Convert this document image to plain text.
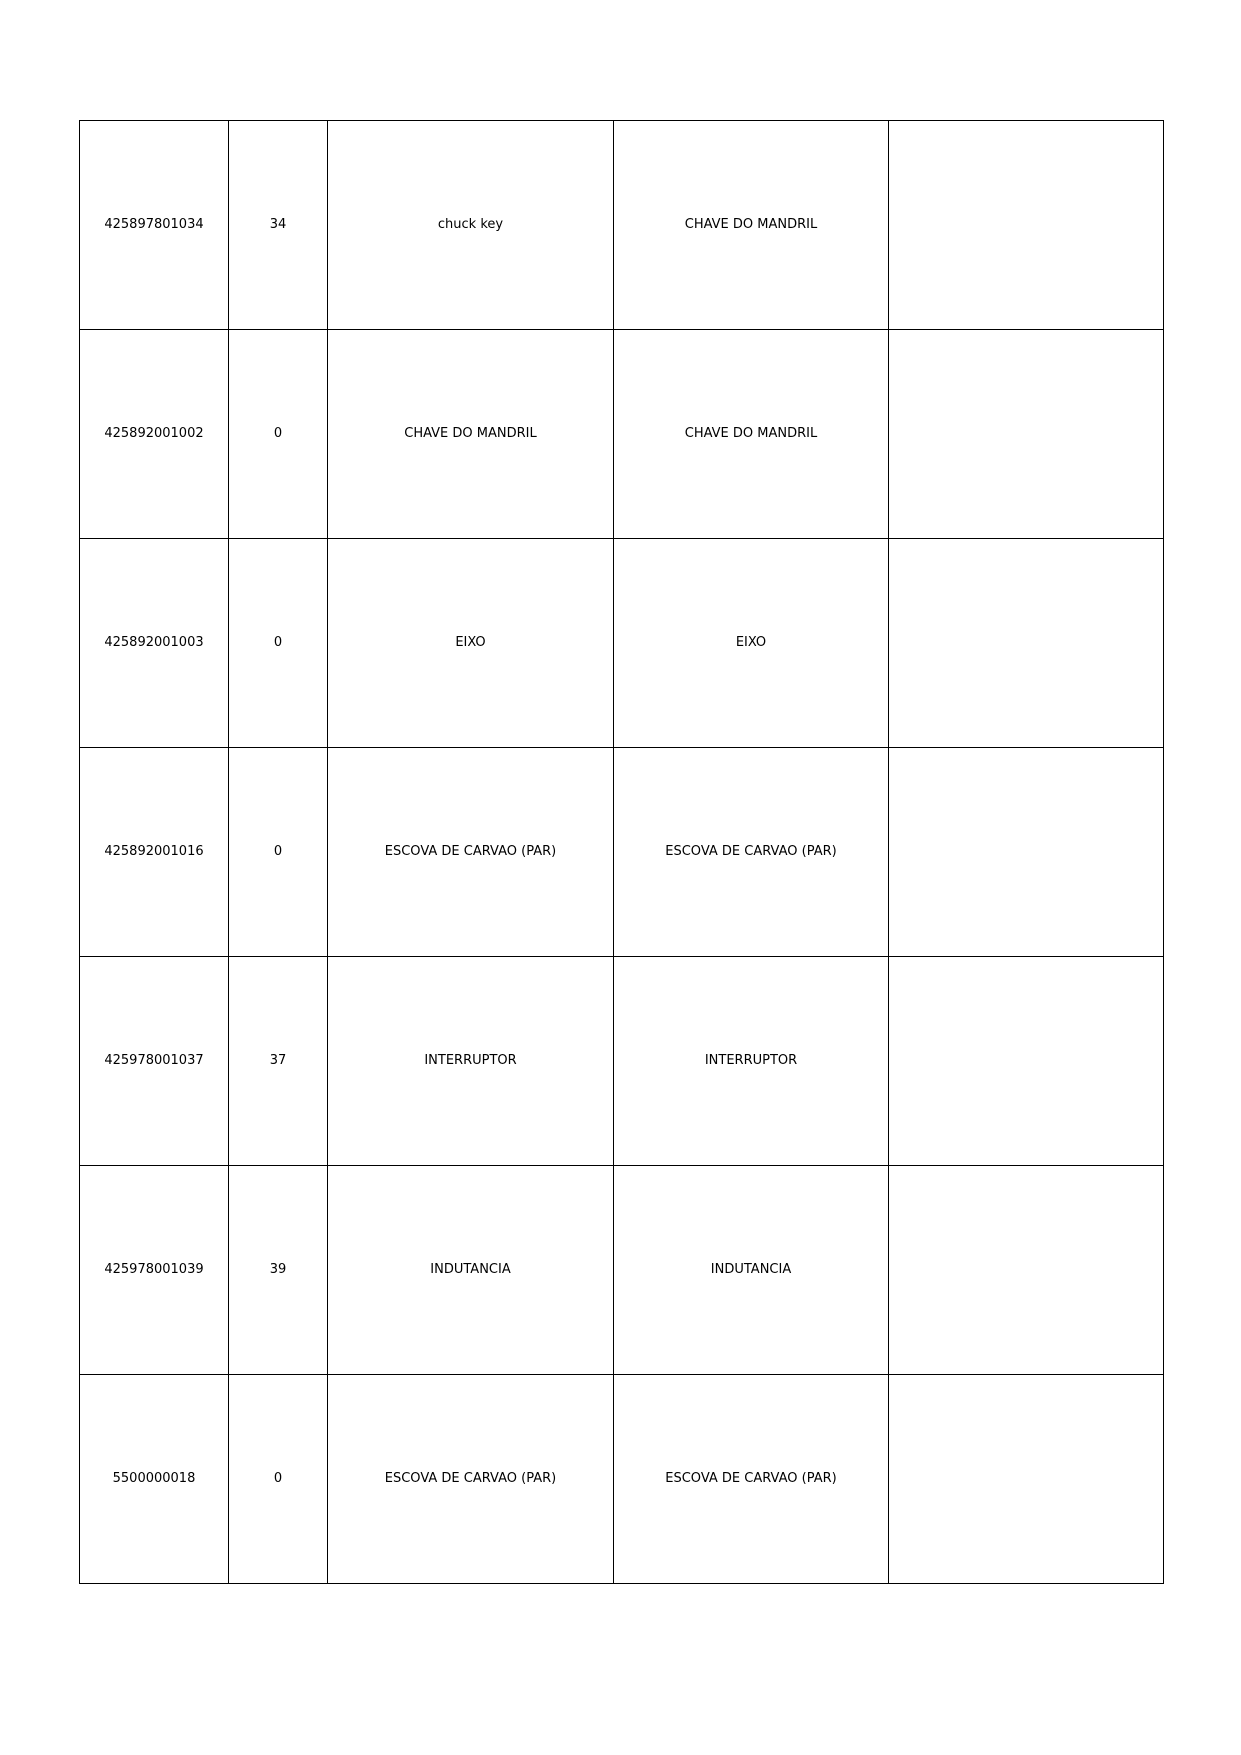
425897801034	34	chuck key	CHAVE DO MANDRIL	
425892001002	0	CHAVE DO MANDRIL	CHAVE DO MANDRIL	
425892001003	0	EIXO	EIXO	
425892001016	0	ESCOVA DE CARVAO (PAR)	ESCOVA DE CARVAO (PAR)	
425978001037	37	INTERRUPTOR	INTERRUPTOR	
425978001039	39	INDUTANCIA	INDUTANCIA	
5500000018	0	ESCOVA DE CARVAO (PAR)	ESCOVA DE CARVAO (PAR)	
